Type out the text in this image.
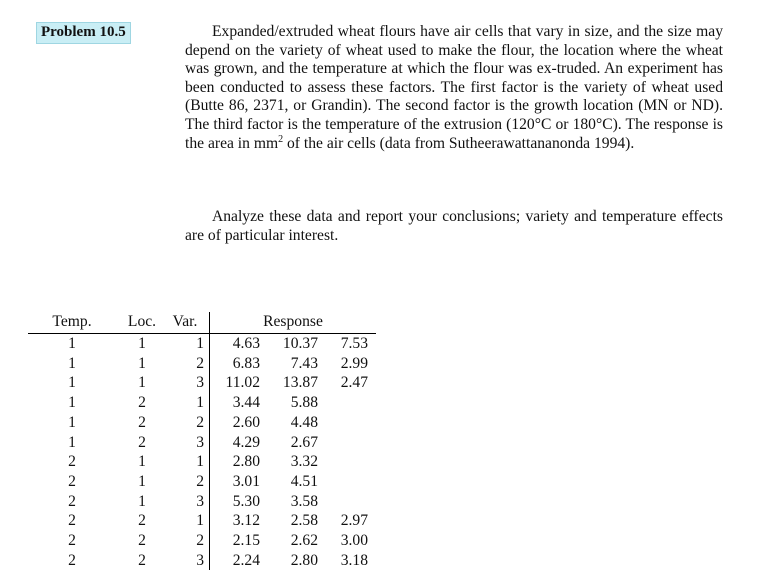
Problem 10.5	Expanded/extruded wheat flours have air cells that vary in size, and the size may depend on the variety of wheat used to make the flour, the location where the wheat was grown, and the temperature at which the flour was ex-truded. An experiment has been conducted to assess these factors. The first factor is the variety of wheat used (Butte 86, 2371, or Grandin). The second factor is the growth location (MN or ND). The third factor is the temperature of the extrusion (120°C or 180°C). The response is the area in $mm^2$ of the air cells (data from Sutheerawattananonda 1994).

Analyze these data and report your conclusions; variety and temperature effects are of particular interest.

Temp.	Loc.	Var.	Response		
1	1	1	4.63	10.37	7.53
1	1	2	6.83	7.43	2.99
1	1	3	11.02	13.87	2.47
1	2	1	3.44	5.88	
1	2	2	2.60	4.48	
1	2	3	4.29	2.67	
2	1	1	2.80	3.32	
2	1	2	3.01	4.51	
2	1	3	5.30	3.58	
2	2	1	3.12	2.58	2.97
2	2	2	2.15	2.62	3.00
2	2	3	2.24	2.80	3.18
